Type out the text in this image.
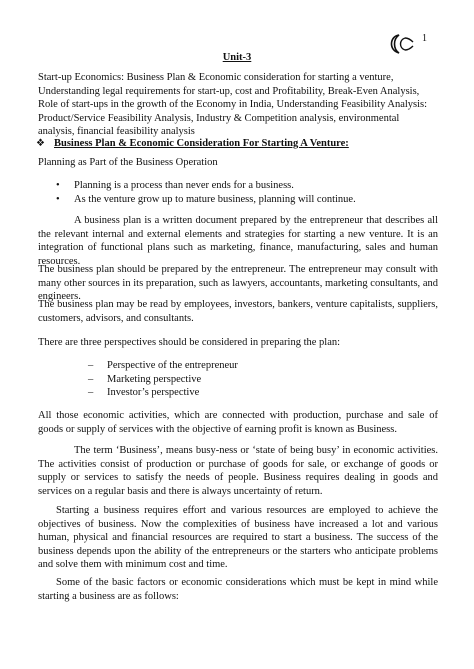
1
Unit-3

Start-up Economics: Business Plan & Economic consideration for starting a venture, Understanding legal requirements for start-up, cost and Profitability, Break-Even Analysis, Role of start-ups in the growth of the Economy in India, Understanding Feasibility Analysis: Product/Service Feasibility Analysis, Industry & Competition analysis, environmental analysis, financial feasibility analysis

❖ Business Plan & Economic Consideration For Starting A Venture:

Planning as Part of the Business Operation

• Planning is a process than never ends for a business.
• As the venture grow up to mature business, planning will continue.

A business plan is a written document prepared by the entrepreneur that describes all the relevant internal and external elements and strategies for starting a new venture. It is an integration of functional plans such as marketing, finance, manufacturing, sales and human resources.

The business plan should be prepared by the entrepreneur. The entrepreneur may consult with many other sources in its preparation, such as lawyers, accountants, marketing consultants, and engineers.

The business plan may be read by employees, investors, bankers, venture capitalists, suppliers, customers, advisors, and consultants.

There are three perspectives should be considered in preparing the plan:

– Perspective of the entrepreneur
– Marketing perspective
– Investor’s perspective

All those economic activities, which are connected with production, purchase and sale of goods or supply of services with the objective of earning profit is known as Business.

The term ‘Business’, means busy-ness or ‘state of being busy’ in economic activities. The activities consist of production or purchase of goods for sale, or exchange of goods or supply or services to satisfy the needs of people. Business requires dealing in goods and services on a regular basis and there is always uncertainty of return.

Starting a business requires effort and various resources are employed to achieve the objectives of business. Now the complexities of business have increased a lot and various human, physical and financial resources are required to start a business. The success of the business depends upon the ability of the entrepreneurs or the starters who anticipate problems and solve them with minimum cost and time.

Some of the basic factors or economic considerations which must be kept in mind while starting a business are as follows:
